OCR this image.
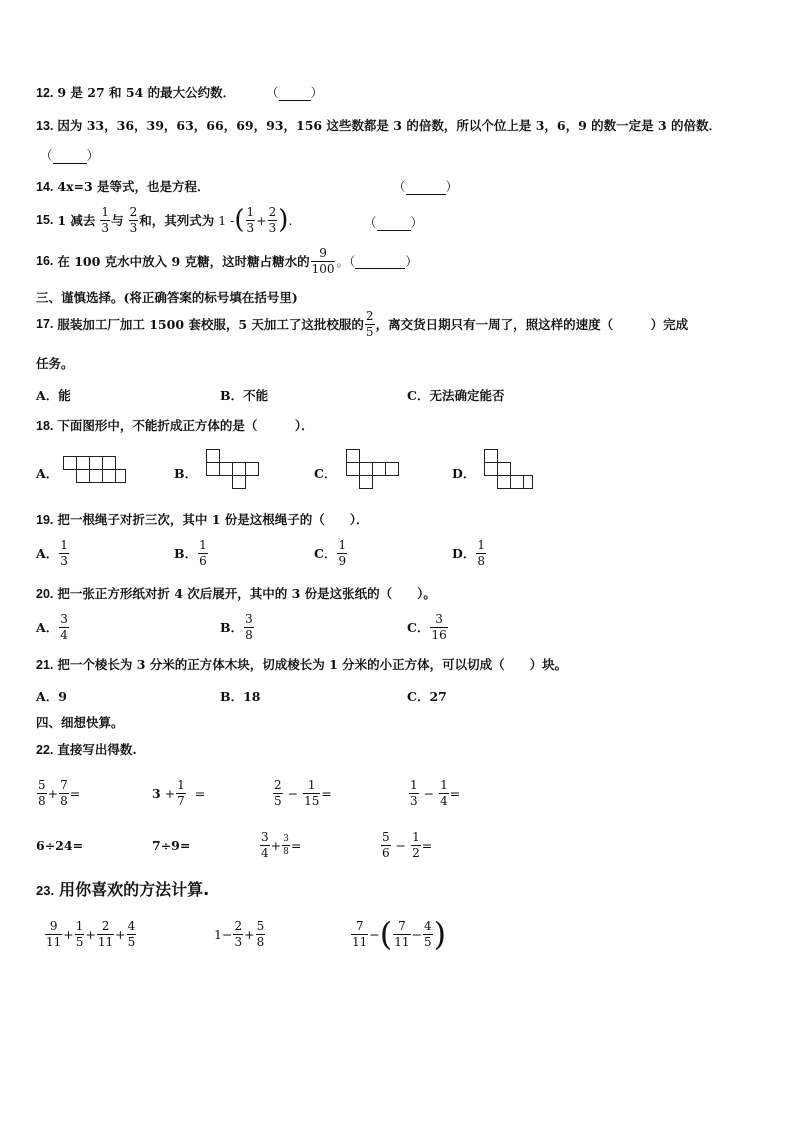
12. 9 是 27 和 54 的最大公约数． （	）
13. 因为 33，36，39，63，66，69，93，156 这些数都是 3 的倍数，所以个位上是 3，6，9 的数一定是 3 的倍数．
（	）
14. 4x=3 是等式，也是方程．	（	）
15.
1 减去
$\frac{1}{3}$ 与
$\frac{2}{3}$ 和，其列式为
1 - ( $\frac{1}{3} + \frac{2}{3}$ ) .	（	）
16.
在 100 克水中放入 9 克糖，这时糖占糖水的 $\frac{9}{100}$ 。（	）
三、谨慎选择。(将正确答案的标号填在括号里)
17.
服装加工厂加工 1500 套校服，5 天加工了这批校服的 $\frac{2}{5}$ ，离交货日期只有一周了，照这样的速度（　　　）完成
任务。
A．能	B．不能	C．无法确定能否
18. 下面图形中，不能折成正方体的是（　　　）．
A．	B．	C．	D．
19. 把一根绳子对折三次，其中 1 份是这根绳子的（　　）．
A． $\frac{1}{3}$	B． $\frac{1}{6}$	C． $\frac{1}{9}$	D． $\frac{1}{8}$
20. 把一张正方形纸对折 4 次后展开，其中的 3 份是这张纸的（　　）。
A． $\frac{3}{4}$	B． $\frac{3}{8}$	C． $\frac{3}{16}$
21. 把一个棱长为 3 分米的正方体木块，切成棱长为 1 分米的小正方体，可以切成（　　）块。
A．9	B．18	C．27
四、细想快算。
22. 直接写出得数.
$\frac{5}{8} + \frac{7}{8}$ =	3
+ $\frac{1}{7}$
=	$\frac{2}{5}$
−
$\frac{1}{15}$ =	$\frac{1}{3}$
−
$\frac{1}{4}$ =
6÷24=	7÷9=	$\frac{3}{4} + \frac{3}{8}$ =	$\frac{5}{6}$
−
$\frac{1}{2}$ =
23. 用你喜欢的方法计算.
$\frac{9}{11} + \frac{1}{5} + \frac{2}{11} + \frac{4}{5}$	$1- \frac{2}{3} + \frac{5}{8}$	$\frac{7}{11}$ − ( $\frac{7}{11} - \frac{4}{5}$ )
